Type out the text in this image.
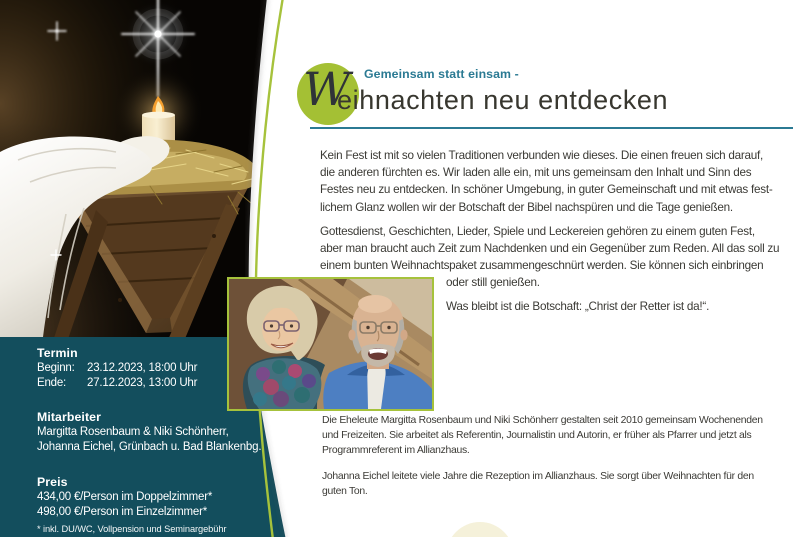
W Gemeinsam statt einsam -
eihnachten neu entdecken
Kein Fest ist mit so vielen Traditionen verbunden wie dieses. Die einen freuen sich darauf,
die anderen fürchten es. Wir laden alle ein, mit uns gemeinsam den Inhalt und Sinn des
Festes neu zu entdecken. In schöner Umgebung, in guter Gemeinschaft und mit etwas fest-
lichem Glanz wollen wir der Botschaft der Bibel nachspüren und die Tage genießen.
Gottesdienst, Geschichten, Lieder, Spiele und Leckereien gehören zu einem guten Fest,
aber man braucht auch Zeit zum Nachdenken und ein Gegenüber zum Reden. All das soll zu
einem bunten Weihnachtspaket zusammengeschnürt werden. Sie können sich einbringen
oder still genießen.
Was bleibt ist die Botschaft: „Christ der Retter ist da!“.
Die Eheleute Margitta Rosenbaum und Niki Schönherr gestalten seit 2010 gemeinsam Wochenenden
und Freizeiten. Sie arbeitet als Referentin, Journalistin und Autorin, er früher als Pfarrer und jetzt als
Programmreferent im Allianzhaus.
Johanna Eichel leitete viele Jahre die Rezeption im Allianzhaus. Sie sorgt über Weihnachten für den
guten Ton.
Termin
Beginn: 23.12.2023, 18:00 Uhr
Ende: 27.12.2023, 13:00 Uhr
Mitarbeiter
Margitta Rosenbaum & Niki Schönherr,
Johanna Eichel, Grünbach u. Bad Blankenbg.
Preis
434,00 €/Person im Doppelzimmer*
498,00 €/Person im Einzelzimmer*
* inkl. DU/WC, Vollpension und Seminargebühr
